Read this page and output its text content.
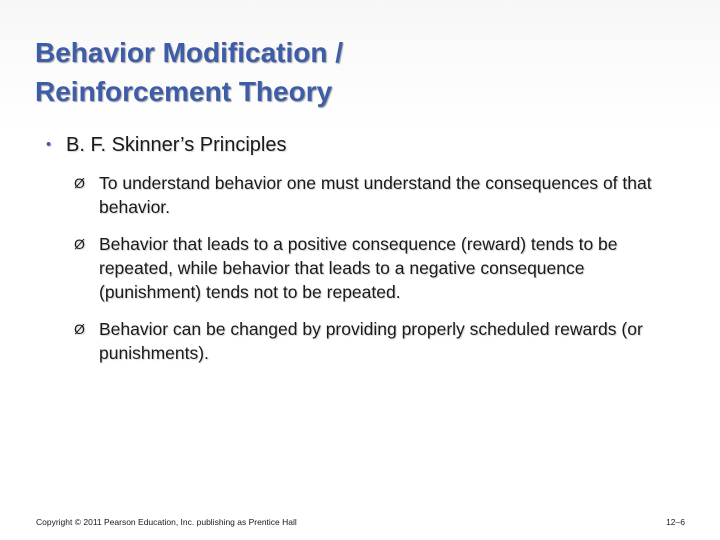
Behavior Modification /
Reinforcement Theory
• B. F. Skinner’s Principles
Ø To understand behavior one must understand the consequences of that behavior.
Ø Behavior that leads to a positive consequence (reward) tends to be repeated, while behavior that leads to a negative consequence (punishment) tends not to be repeated.
Ø Behavior can be changed by providing properly scheduled rewards (or punishments).
Copyright © 2011 Pearson Education, Inc. publishing as Prentice Hall	12–6
